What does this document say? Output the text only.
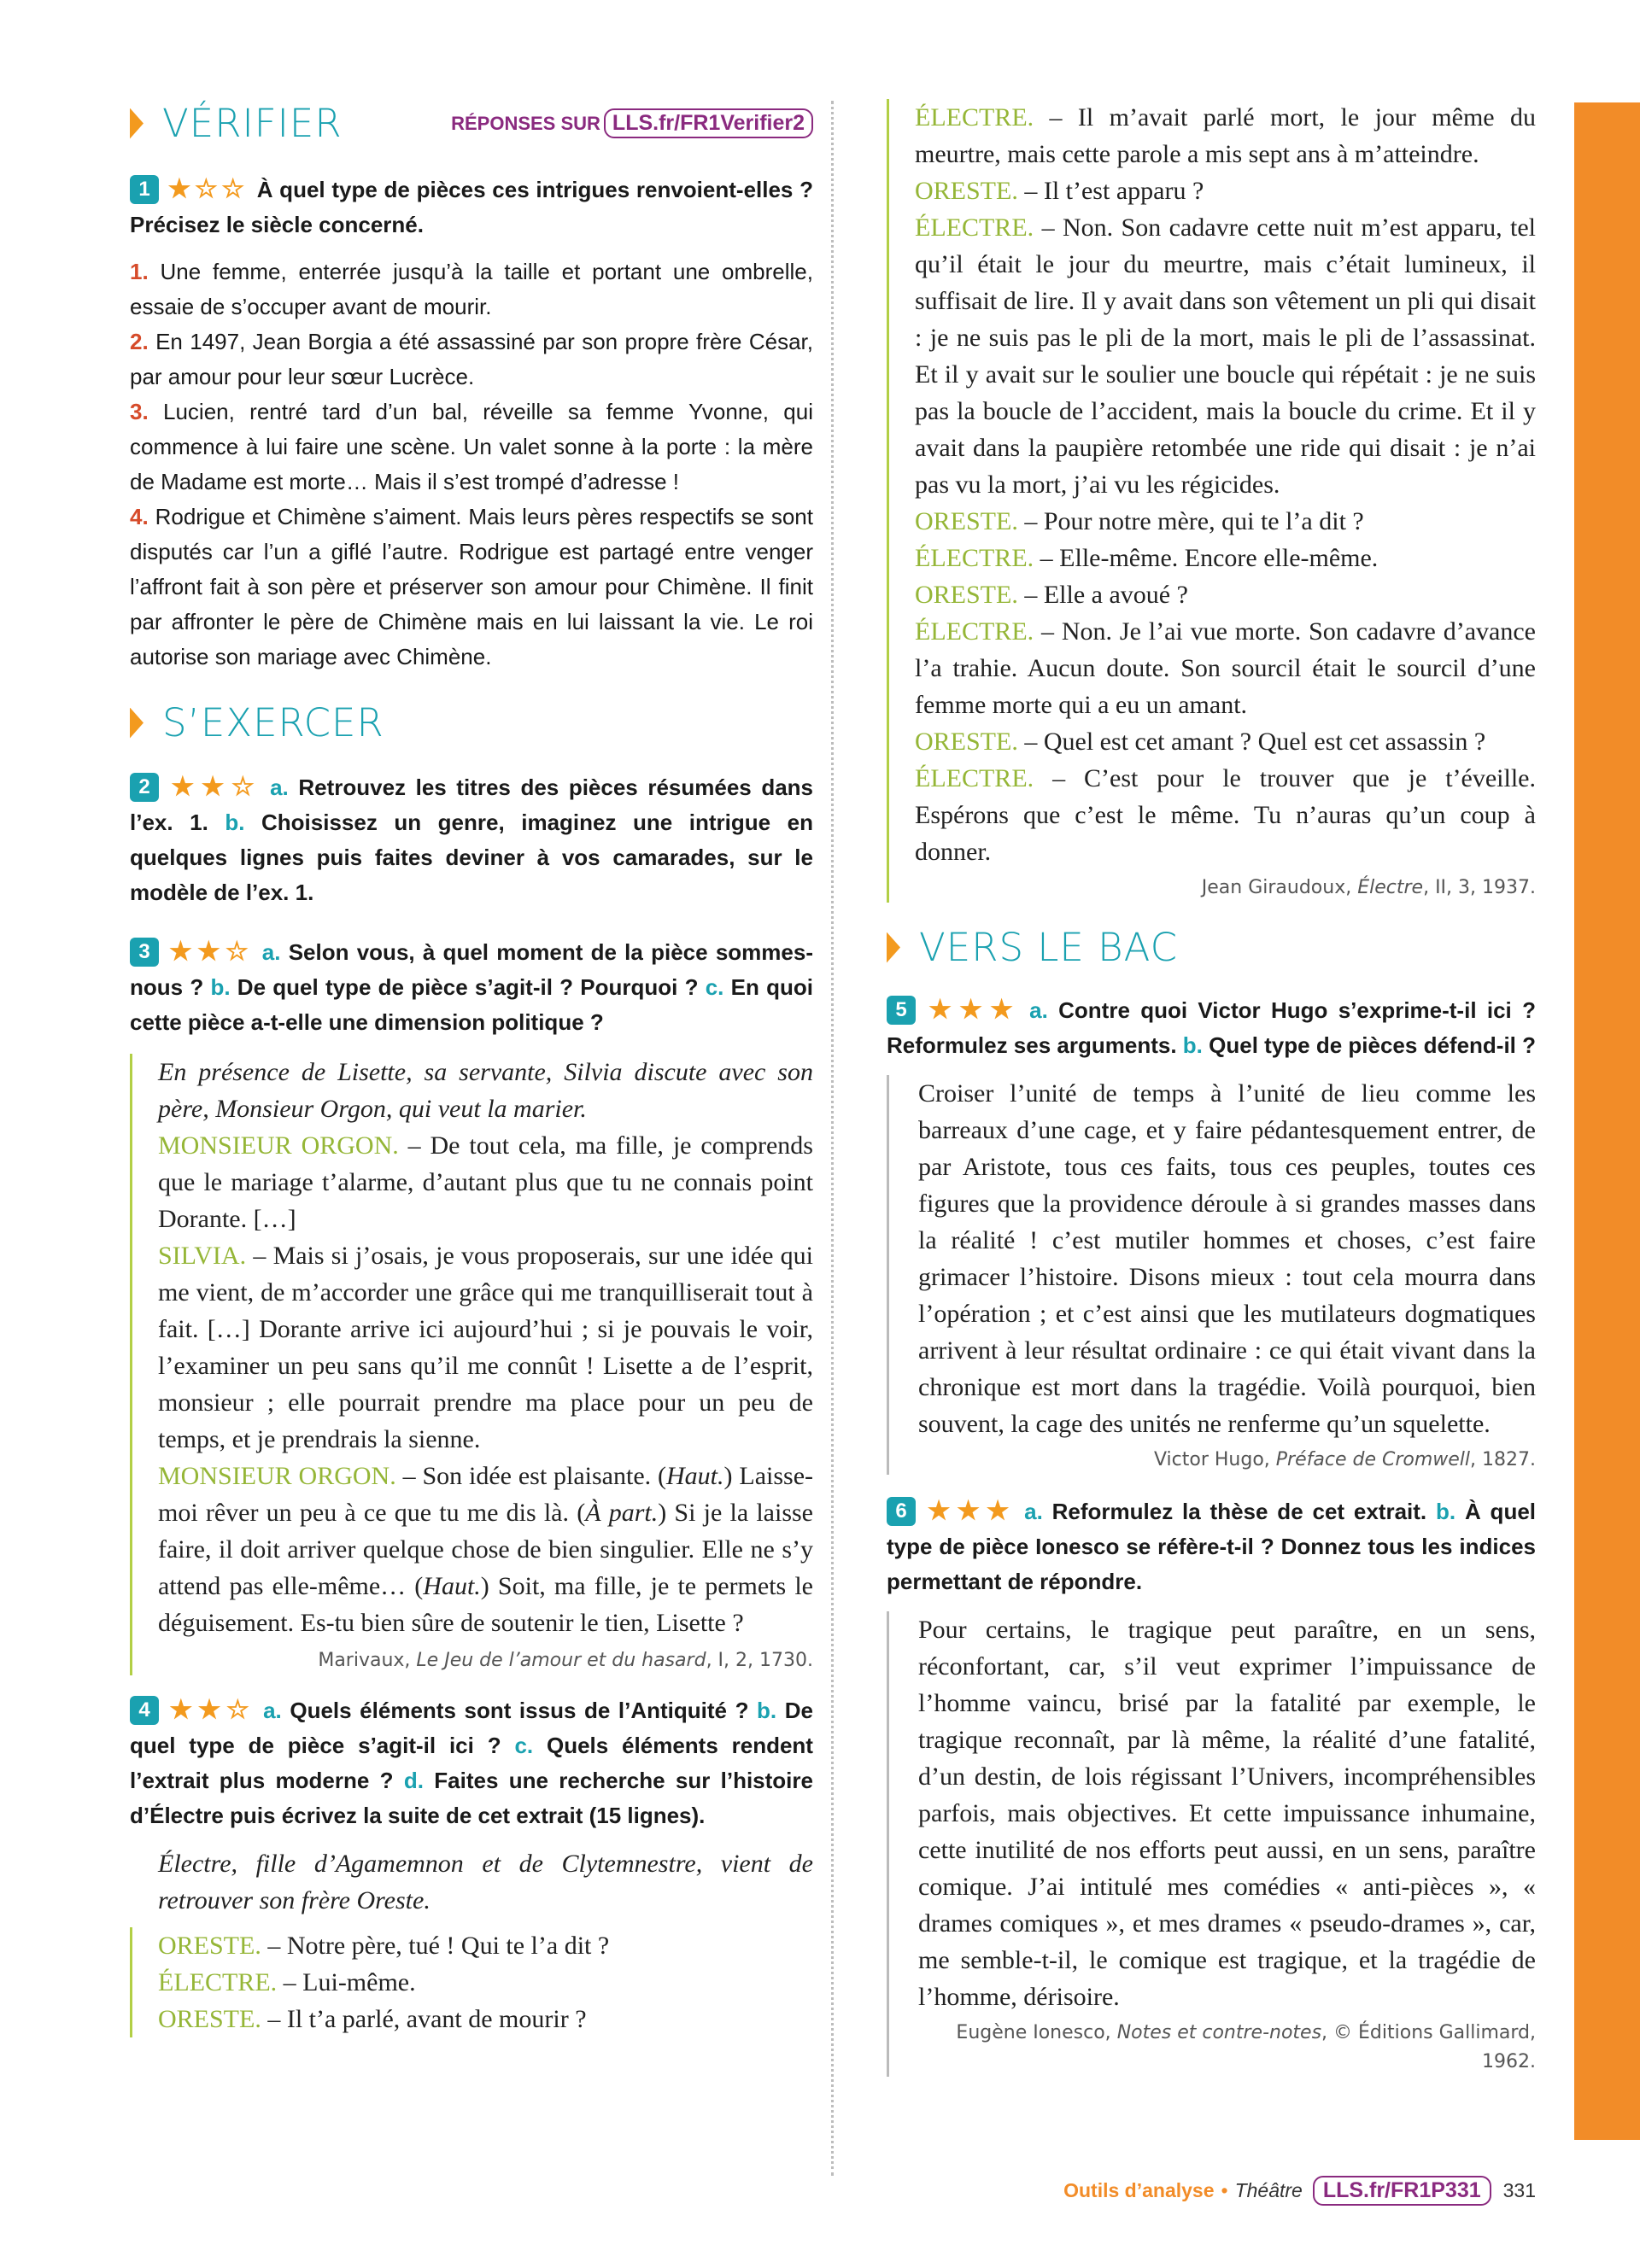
VÉRIFIER	RÉPONSES SUR LLS.fr/FR1Verifier2
1 ★☆☆ À quel type de pièces ces intrigues renvoient-elles ? Précisez le siècle concerné.
1. Une femme, enterrée jusqu’à la taille et portant une ombrelle, essaie de s’occuper avant de mourir.
2. En 1497, Jean Borgia a été assassiné par son propre frère César, par amour pour leur sœur Lucrèce.
3. Lucien, rentré tard d’un bal, réveille sa femme Yvonne, qui commence à lui faire une scène. Un valet sonne à la porte : la mère de Madame est morte… Mais il s’est trompé d’adresse !
4. Rodrigue et Chimène s’aiment. Mais leurs pères respectifs se sont disputés car l’un a giflé l’autre. Rodrigue est partagé entre venger l’affront fait à son père et préserver son amour pour Chimène. Il finit par affronter le père de Chimène mais en lui laissant la vie. Le roi autorise son mariage avec Chimène.
S’EXERCER
2 ★★☆ a. Retrouvez les titres des pièces résumées dans l’ex. 1. b. Choisissez un genre, imaginez une intrigue en quelques lignes puis faites deviner à vos camarades, sur le modèle de l’ex. 1.
3 ★★☆ a. Selon vous, à quel moment de la pièce sommes-nous ? b. De quel type de pièce s’agit-il ? Pourquoi ? c. En quoi cette pièce a-t-elle une dimension politique ?
En présence de Lisette, sa servante, Silvia discute avec son père, Monsieur Orgon, qui veut la marier.
MONSIEUR ORGON. – De tout cela, ma fille, je comprends que le mariage t’alarme, d’autant plus que tu ne connais point Dorante. […]
SILVIA. – Mais si j’osais, je vous proposerais, sur une idée qui me vient, de m’accorder une grâce qui me tranquilliserait tout à fait. […] Dorante arrive ici aujourd’hui ; si je pouvais le voir, l’examiner un peu sans qu’il me connût ! Lisette a de l’esprit, monsieur ; elle pourrait prendre ma place pour un peu de temps, et je prendrais la sienne.
MONSIEUR ORGON. – Son idée est plaisante. (Haut.) Laisse-moi rêver un peu à ce que tu me dis là. (À part.) Si je la laisse faire, il doit arriver quelque chose de bien singulier. Elle ne s’y attend pas elle-même… (Haut.) Soit, ma fille, je te permets le déguisement. Es-tu bien sûre de soutenir le tien, Lisette ?
Marivaux, Le Jeu de l’amour et du hasard, I, 2, 1730.
4 ★★☆ a. Quels éléments sont issus de l’Antiquité ? b. De quel type de pièce s’agit-il ici ? c. Quels éléments rendent l’extrait plus moderne ? d. Faites une recherche sur l’histoire d’Électre puis écrivez la suite de cet extrait (15 lignes).
Électre, fille d’Agamemnon et de Clytemnestre, vient de retrouver son frère Oreste.
ORESTE. – Notre père, tué ! Qui te l’a dit ?
ÉLECTRE. – Lui-même.
ORESTE. – Il t’a parlé, avant de mourir ?
ÉLECTRE. – Il m’avait parlé mort, le jour même du meurtre, mais cette parole a mis sept ans à m’atteindre.
ORESTE. – Il t’est apparu ?
ÉLECTRE. – Non. Son cadavre cette nuit m’est apparu, tel qu’il était le jour du meurtre, mais c’était lumineux, il suffisait de lire. Il y avait dans son vêtement un pli qui disait : je ne suis pas le pli de la mort, mais le pli de l’assassinat. Et il y avait sur le soulier une boucle qui répétait : je ne suis pas la boucle de l’accident, mais la boucle du crime. Et il y avait dans la paupière retombée une ride qui disait : je n’ai pas vu la mort, j’ai vu les régicides.
ORESTE. – Pour notre mère, qui te l’a dit ?
ÉLECTRE. – Elle-même. Encore elle-même.
ORESTE. – Elle a avoué ?
ÉLECTRE. – Non. Je l’ai vue morte. Son cadavre d’avance l’a trahie. Aucun doute. Son sourcil était le sourcil d’une femme morte qui a eu un amant.
ORESTE. – Quel est cet amant ? Quel est cet assassin ?
ÉLECTRE. – C’est pour le trouver que je t’éveille. Espérons que c’est le même. Tu n’auras qu’un coup à donner.
Jean Giraudoux, Électre, II, 3, 1937.
VERS LE BAC
5 ★★★ a. Contre quoi Victor Hugo s’exprime-t-il ici ? Reformulez ses arguments. b. Quel type de pièces défend-il ?
Croiser l’unité de temps à l’unité de lieu comme les barreaux d’une cage, et y faire pédantesquement entrer, de par Aristote, tous ces faits, tous ces peuples, toutes ces figures que la providence déroule à si grandes masses dans la réalité ! c’est mutiler hommes et choses, c’est faire grimacer l’histoire. Disons mieux : tout cela mourra dans l’opération ; et c’est ainsi que les mutilateurs dogmatiques arrivent à leur résultat ordinaire : ce qui était vivant dans la chronique est mort dans la tragédie. Voilà pourquoi, bien souvent, la cage des unités ne renferme qu’un squelette.
Victor Hugo, Préface de Cromwell, 1827.
6 ★★★ a. Reformulez la thèse de cet extrait. b. À quel type de pièce Ionesco se réfère-t-il ? Donnez tous les indices permettant de répondre.
Pour certains, le tragique peut paraître, en un sens, réconfortant, car, s’il veut exprimer l’impuissance de l’homme vaincu, brisé par la fatalité par exemple, le tragique reconnaît, par là même, la réalité d’une fatalité, d’un destin, de lois régissant l’Univers, incompréhensibles parfois, mais objectives. Et cette impuissance inhumaine, cette inutilité de nos efforts peut aussi, en un sens, paraître comique. J’ai intitulé mes comédies « anti-pièces », « drames comiques », et mes drames « pseudo-drames », car, me semble-t-il, le comique est tragique, et la tragédie de l’homme, dérisoire.
Eugène Ionesco, Notes et contre-notes, © Éditions Gallimard, 1962.
Outils d’analyse • Théâtre LLS.fr/FR1P331	331
